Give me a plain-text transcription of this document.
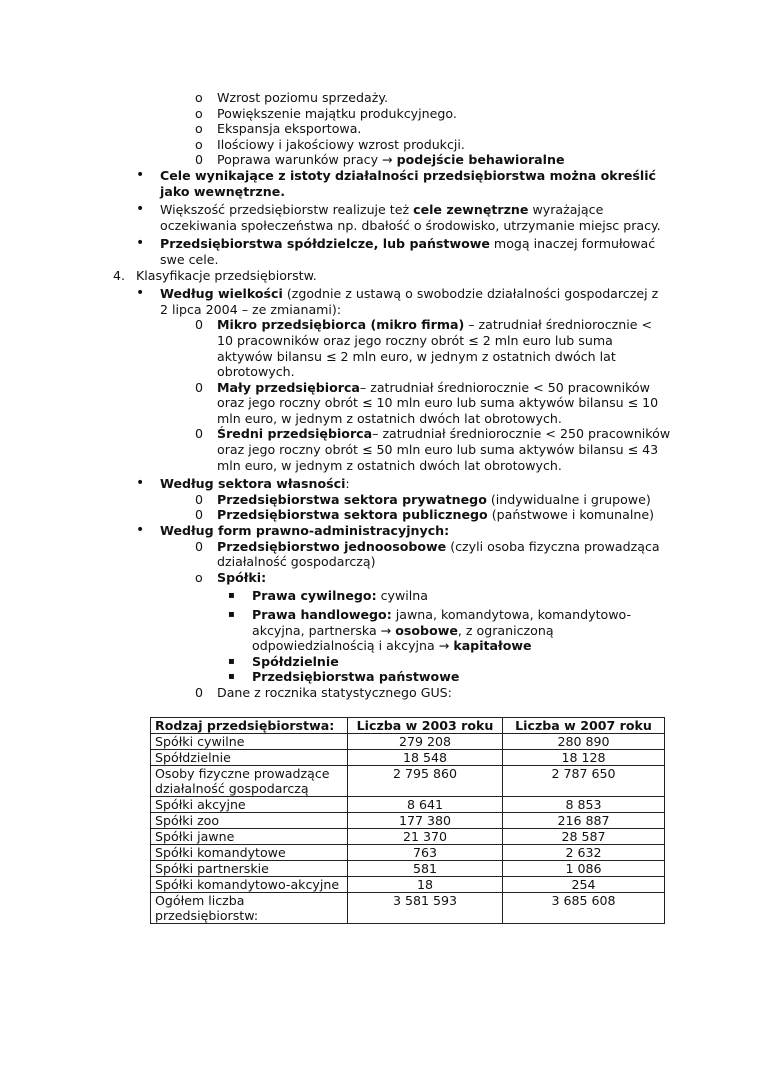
o Wzrost poziomu sprzedaży.
o Powiększenie majątku produkcyjnego.
o Ekspansja eksportowa.
o Ilościowy i jakościowy wzrost produkcji.
0 Poprawa warunków pracy → podejście behawioralne
• Cele wynikające z istoty działalności przedsiębiorstwa można określić jako wewnętrzne.
• Większość przedsiębiorstw realizuje też cele zewnętrzne wyrażające oczekiwania społeczeństwa np. dbałość o środowisko, utrzymanie miejsc pracy.
• Przedsiębiorstwa spółdzielcze, lub państwowe mogą inaczej formułować swe cele.
4. Klasyfikacje przedsiębiorstw.
• Według wielkości (zgodnie z ustawą o swobodzie działalności gospodarczej z 2 lipca 2004 – ze zmianami):
0 Mikro przedsiębiorca (mikro firma) – zatrudniał średniorocznie < 10 pracowników oraz jego roczny obrót ≤ 2 mln euro lub suma aktywów bilansu ≤ 2 mln euro, w jednym z ostatnich dwóch lat obrotowych.
0 Mały przedsiębiorca– zatrudniał średniorocznie < 50 pracowników oraz jego roczny obrót ≤ 10 mln euro lub suma aktywów bilansu ≤ 10 mln euro, w jednym z ostatnich dwóch lat obrotowych.
0 Średni przedsiębiorca– zatrudniał średniorocznie < 250 pracowników oraz jego roczny obrót ≤ 50 mln euro lub suma aktywów bilansu ≤ 43 mln euro, w jednym z ostatnich dwóch lat obrotowych.
• Według sektora własności:
0 Przedsiębiorstwa sektora prywatnego (indywidualne i grupowe)
0 Przedsiębiorstwa sektora publicznego (państwowe i komunalne)
• Według form prawno-administracyjnych:
0 Przedsiębiorstwo jednoosobowe (czyli osoba fizyczna prowadząca działalność gospodarczą)
o Spółki:
▪ Prawa cywilnego: cywilna
▪ Prawa handlowego: jawna, komandytowa, komandytowo-akcyjna, partnerska → osobowe, z ograniczoną odpowiedzialnością i akcyjna → kapitałowe
▪ Spółdzielnie
▪ Przedsiębiorstwa państwowe
0 Dane z rocznika statystycznego GUS:
Rodzaj przedsiębiorstwa:	Liczba w 2003 roku	Liczba w 2007 roku
Spółki cywilne	279 208	280 890
Spółdzielnie	18 548	18 128
Osoby fizyczne prowadzące działalność gospodarczą	2 795 860	2 787 650
Spółki akcyjne	8 641	8 853
Spółki zoo	177 380	216 887
Spółki jawne	21 370	28 587
Spółki komandytowe	763	2 632
Spółki partnerskie	581	1 086
Spółki komandytowo-akcyjne	18	254
Ogółem liczba przedsiębiorstw:	3 581 593	3 685 608
